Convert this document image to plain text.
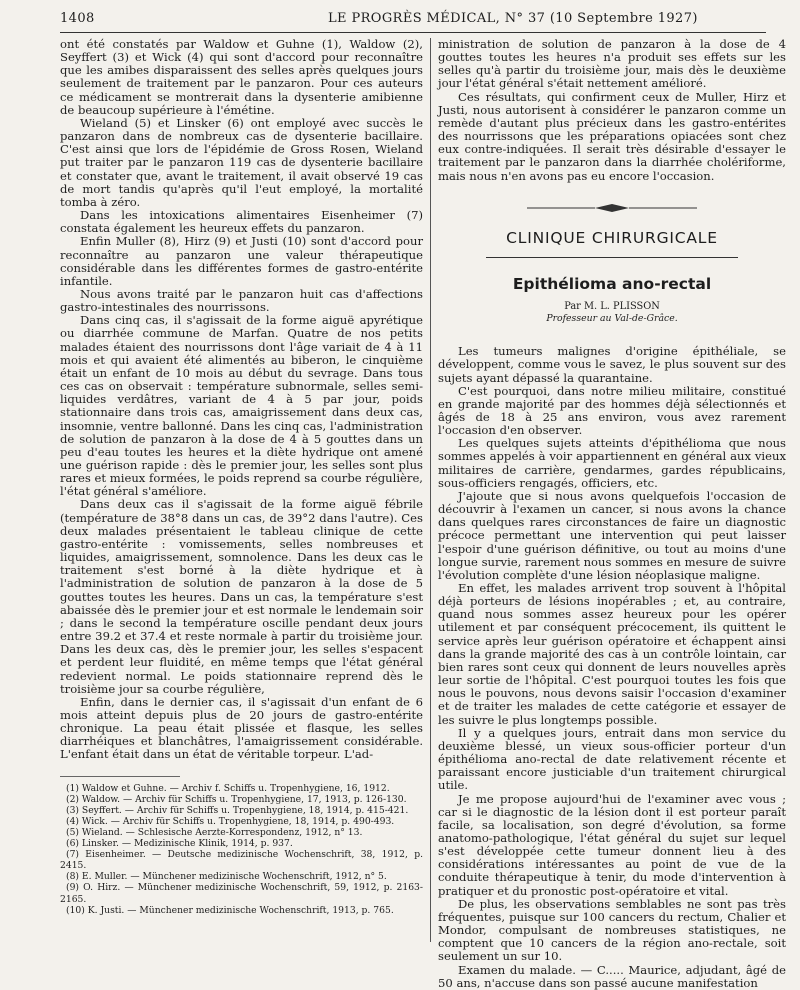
1408	LE PROGRÈS MÉDICAL, N° 37 (10 Septembre 1927)

ont été constatés par Waldow et Guhne (1), Waldow (2), Seyffert (3) et Wick (4) qui sont d'accord pour reconnaître que les amibes disparaissent des selles après quelques jours seulement de traitement par le panzaron. Pour ces auteurs ce médicament se montrerait dans la dysenterie amibienne de beaucoup supérieure à l'émétine.

Wieland (5) et Linsker (6) ont employé avec succès le panzaron dans de nombreux cas de dysenterie bacillaire. C'est ainsi que lors de l'épidémie de Gross Rosen, Wieland put traiter par le panzaron 119 cas de dysenterie bacillaire et constater que, avant le traitement, il avait observé 19 cas de mort tandis qu'après qu'il l'eut employé, la mortalité tomba à zéro.

Dans les intoxications alimentaires Eisenheimer (7) constata également les heureux effets du panzaron.

Enfin Muller (8), Hirz (9) et Justi (10) sont d'accord pour reconnaître au panzaron une valeur thérapeutique considérable dans les différentes formes de gastro-entérite infantile.

Nous avons traité par le panzaron huit cas d'affections gastro-intestinales des nourrissons.

Dans cinq cas, il s'agissait de la forme aiguë apyrétique ou diarrhée commune de Marfan. Quatre de nos petits malades étaient des nourrissons dont l'âge variait de 4 à 11 mois et qui avaient été alimentés au biberon, le cinquième était un enfant de 10 mois au début du sevrage. Dans tous ces cas on observait : température subnormale, selles semi-liquides verdâtres, variant de 4 à 5 par jour, poids stationnaire dans trois cas, amaigrissement dans deux cas, insomnie, ventre ballonné. Dans les cinq cas, l'administration de solution de panzaron à la dose de 4 à 5 gouttes dans un peu d'eau toutes les heures et la diète hydrique ont amené une guérison rapide : dès le premier jour, les selles sont plus rares et mieux formées, le poids reprend sa courbe régulière, l'état général s'améliore.

Dans deux cas il s'agissait de la forme aiguë fébrile (température de 38°8 dans un cas, de 39°2 dans l'autre). Ces deux malades présentaient le tableau clinique de cette gastro-entérite : vomissements, selles nombreuses et liquides, amaigrissement, somnolence. Dans les deux cas le traitement s'est borné à la diète hydrique et à l'administration de solution de panzaron à la dose de 5 gouttes toutes les heures. Dans un cas, la température s'est abaissée dès le premier jour et est normale le lendemain soir ; dans le second la température oscille pendant deux jours entre 39.2 et 37.4 et reste normale à partir du troisième jour. Dans les deux cas, dès le premier jour, les selles s'espacent et perdent leur fluidité, en même temps que l'état général redevient normal. Le poids stationnaire reprend dès le troisième jour sa courbe régulière,

Enfin, dans le dernier cas, il s'agissait d'un enfant de 6 mois atteint depuis plus de 20 jours de gastro-entérite chronique. La peau était plissée et flasque, les selles diarrhéiques et blanchâtres, l'amaigrissement considérable. L'enfant était dans un état de véritable torpeur. L'ad-

(1) Waldow et Guhne. — Archiv f. Schiffs u. Tropenhygiene, 16, 1912.
(2) Waldow. — Archiv für Schiffs u. Tropenhygiene, 17, 1913, p. 126-130.
(3) Seyffert. — Archiv für Schiffs u. Tropenhygiene, 18, 1914, p. 415-421.
(4) Wick. — Archiv für Schiffs u. Tropenhygiene, 18, 1914, p. 490-493.
(5) Wieland. — Schlesische Aerzte-Korrespondenz, 1912, n° 13.
(6) Linsker. — Medizinische Klinik, 1914, p. 937.
(7) Eisenheimer. — Deutsche medizinische Wochenschrift, 38, 1912, p. 2415.
(8) E. Muller. — Münchener medizinische Wochenschrift, 1912, n° 5.
(9) O. Hirz. — Münchener medizinische Wochenschrift, 59, 1912, p. 2163-2165.
(10) K. Justi. — Münchener medizinische Wochenschrift, 1913, p. 765.

ministration de solution de panzaron à la dose de 4 gouttes toutes les heures n'a produit ses effets sur les selles qu'à partir du troisième jour, mais dès le deuxième jour l'état général s'était nettement amélioré.

Ces résultats, qui confirment ceux de Muller, Hirz et Justi, nous autorisent à considérer le panzaron comme un remède d'autant plus précieux dans les gastro-entérites des nourrissons que les préparations opiacées sont chez eux contre-indiquées. Il serait très désirable d'essayer le traitement par le panzaron dans la diarrhée cholériforme, mais nous n'en avons pas eu encore l'occasion.

CLINIQUE CHIRURGICALE
Epithélioma ano-rectal
Par M. L. PLISSON
Professeur au Val-de-Grâce.

Les tumeurs malignes d'origine épithéliale, se développent, comme vous le savez, le plus souvent sur des sujets ayant dépassé la quarantaine.

C'est pourquoi, dans notre milieu militaire, constitué en grande majorité par des hommes déjà sélectionnés et âgés de 18 à 25 ans environ, vous avez rarement l'occasion d'en observer.

Les quelques sujets atteints d'épithélioma que nous sommes appelés à voir appartiennent en général aux vieux militaires de carrière, gendarmes, gardes républicains, sous-officiers rengagés, officiers, etc.

J'ajoute que si nous avons quelquefois l'occasion de découvrir à l'examen un cancer, si nous avons la chance dans quelques rares circonstances de faire un diagnostic précoce permettant une intervention qui peut laisser l'espoir d'une guérison définitive, ou tout au moins d'une longue survie, rarement nous sommes en mesure de suivre l'évolution complète d'une lésion néoplasique maligne.

En effet, les malades arrivent trop souvent à l'hôpital déjà porteurs de lésions inopérables ; et, au contraire, quand nous sommes assez heureux pour les opérer utilement et par conséquent précocement, ils quittent le service après leur guérison opératoire et échappent ainsi dans la grande majorité des cas à un contrôle lointain, car bien rares sont ceux qui donnent de leurs nouvelles après leur sortie de l'hôpital. C'est pourquoi toutes les fois que nous le pouvons, nous devons saisir l'occasion d'examiner et de traiter les malades de cette catégorie et essayer de les suivre le plus longtemps possible.

Il y a quelques jours, entrait dans mon service du deuxième blessé, un vieux sous-officier porteur d'un épithélioma ano-rectal de date relativement récente et paraissant encore justiciable d'un traitement chirurgical utile.

Je me propose aujourd'hui de l'examiner avec vous ; car si le diagnostic de la lésion dont il est porteur paraît facile, sa localisation, son degré d'évolution, sa forme anatomo-pathologique, l'état général du sujet sur lequel s'est développée cette tumeur donnent lieu à des considérations intéressantes au point de vue de la conduite thérapeutique à tenir, du mode d'intervention à pratiquer et du pronostic post-opératoire et vital.

De plus, les observations semblables ne sont pas très fréquentes, puisque sur 100 cancers du rectum, Chalier et Mondor, compulsant de nombreuses statistiques, ne comptent que 10 cancers de la région ano-rectale, soit seulement un sur 10.

Examen du malade. — C..... Maurice, adjudant, âgé de 50 ans, n'accuse dans son passé aucune manifestation
